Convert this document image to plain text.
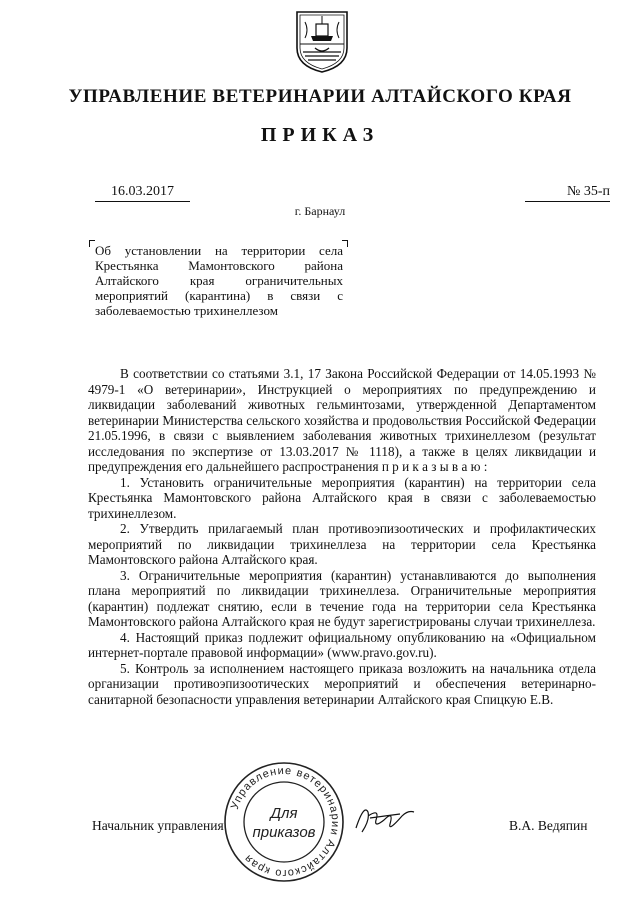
УПРАВЛЕНИЕ ВЕТЕРИНАРИИ АЛТАЙСКОГО КРАЯ
ПРИКАЗ
16.03.2017	№ 35-п
г. Барнаул
Об установлении на территории села Крестьянка Мамонтовского района Алтайского края ограничительных мероприятий (карантина) в связи с заболеваемостью трихинеллезом

В соответствии со статьями 3.1, 17 Закона Российской Федерации от 14.05.1993 № 4979-1 «О ветеринарии», Инструкцией о мероприятиях по предупреждению и ликвидации заболеваний животных гельминтозами, утвержденной Департаментом ветеринарии Министерства сельского хозяйства и продовольствия Российской Федерации 21.05.1996, в связи с выявлением заболевания животных трихинеллезом (результат исследования по экспертизе от 13.03.2017 № 1118), а также в целях ликвидации и предупреждения его дальнейшего распространения п р и к а з ы в а ю :

1. Установить ограничительные мероприятия (карантин) на территории села Крестьянка Мамонтовского района Алтайского края в связи с заболеваемостью трихинеллезом.

2. Утвердить прилагаемый план противоэпизоотических и профилактических мероприятий по ликвидации трихинеллеза на территории села Крестьянка Мамонтовского района Алтайского края.

3. Ограничительные мероприятия (карантин) устанавливаются до выполнения плана мероприятий по ликвидации трихинеллеза. Ограничительные мероприятия (карантин) подлежат снятию, если в течение года на территории села Крестьянка Мамонтовского района Алтайского края не будут зарегистрированы случаи трихинеллеза.

4. Настоящий приказ подлежит официальному опубликованию на «Официальном интернет-портале правовой информации» (www.pravo.gov.ru).

5. Контроль за исполнением настоящего приказа возложить на начальника отдела организации противоэпизоотических мероприятий и обеспечения ветеринарно-санитарной безопасности управления ветеринарии Алтайского края Спицкую Е.В.

Начальник управления
Управление ветеринарии Алтайского края
Для
приказов	В.А. Ведяпин
